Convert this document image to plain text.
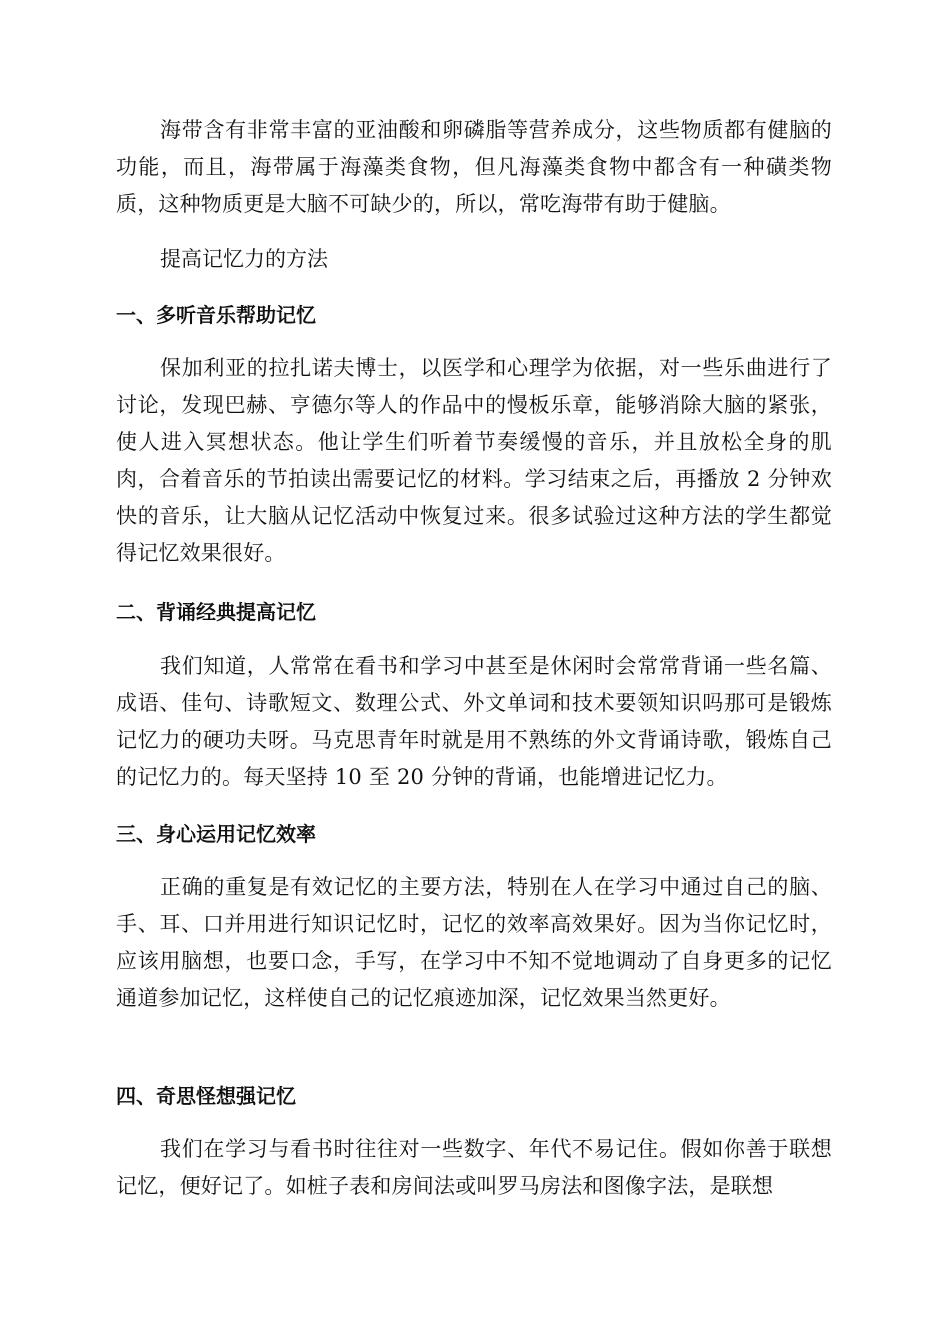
海带含有非常丰富的亚油酸和卵磷脂等营养成分，这些物质都有健脑的功能，而且，海带属于海藻类食物，但凡海藻类食物中都含有一种磺类物质，这种物质更是大脑不可缺少的，所以，常吃海带有助于健脑。

提高记忆力的方法

一、多听音乐帮助记忆

保加利亚的拉扎诺夫博士，以医学和心理学为依据，对一些乐曲进行了讨论，发现巴赫、亨德尔等人的作品中的慢板乐章，能够消除大脑的紧张，使人进入冥想状态。他让学生们听着节奏缓慢的音乐，并且放松全身的肌肉，合着音乐的节拍读出需要记忆的材料。学习结束之后，再播放 2 分钟欢快的音乐，让大脑从记忆活动中恢复过来。很多试验过这种方法的学生都觉得记忆效果很好。

二、背诵经典提高记忆

我们知道，人常常在看书和学习中甚至是休闲时会常常背诵一些名篇、成语、佳句、诗歌短文、数理公式、外文单词和技术要领知识吗那可是锻炼记忆力的硬功夫呀。马克思青年时就是用不熟练的外文背诵诗歌，锻炼自己的记忆力的。每天坚持 10 至 20 分钟的背诵，也能增进记忆力。

三、身心运用记忆效率

正确的重复是有效记忆的主要方法，特别在人在学习中通过自己的脑、手、耳、口并用进行知识记忆时，记忆的效率高效果好。因为当你记忆时，应该用脑想，也要口念，手写，在学习中不知不觉地调动了自身更多的记忆通道参加记忆，这样使自己的记忆痕迹加深，记忆效果当然更好。

四、奇思怪想强记忆

我们在学习与看书时往往对一些数字、年代不易记住。假如你善于联想记忆，便好记了。如桩子表和房间法或叫罗马房法和图像字法，是联想
